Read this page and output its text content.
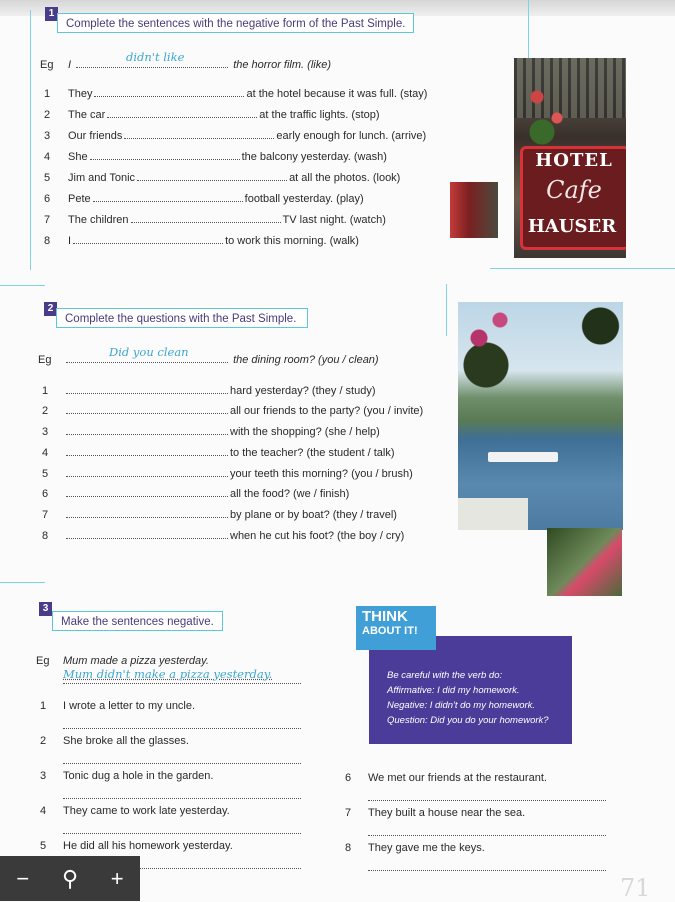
1
Complete the sentences with the negative form of the Past Simple.
Eg I	the horror film. (like)
didn't like
1	They	at the hotel because it was full. (stay)
2	The car	at the traffic lights. (stop)
3	Our friends	early enough for lunch. (arrive)
4	She	the balcony yesterday. (wash)
5	Jim and Tonic	at all the photos. (look)
6	Pete	football yesterday. (play)
7	The children	TV last night. (watch)
8	I	to work this morning. (walk)
HOTEL
Cafe
HAUSER
2
Complete the questions with the Past Simple.
Eg	the dining room? (you / clean)
Did you clean
1	hard yesterday? (they / study)
2	all our friends to the party? (you / invite)
3	with the shopping? (she / help)
4	to the teacher? (the student / talk)
5	your teeth this morning? (you / brush)
6	all the food? (we / finish)
7	by plane or by boat? (they / travel)
8	when he cut his foot? (the boy / cry)
3
Make the sentences negative.
Eg Mum made a pizza yesterday.
Mum didn't make a pizza yesterday.
1	I wrote a letter to my uncle.
2	She broke all the glasses.
3	Tonic dug a hole in the garden.
4	They came to work late yesterday.
5	He did all his homework yesterday.
6	We met our friends at the restaurant.
7	They built a house near the sea.
8	They gave me the keys.
Be careful with the verb do:
Affirmative: I did my homework.
Negative: I didn't do my homework.
Question: Did you do your homework?
THINK
ABOUT IT!
71
− ⚲ +
